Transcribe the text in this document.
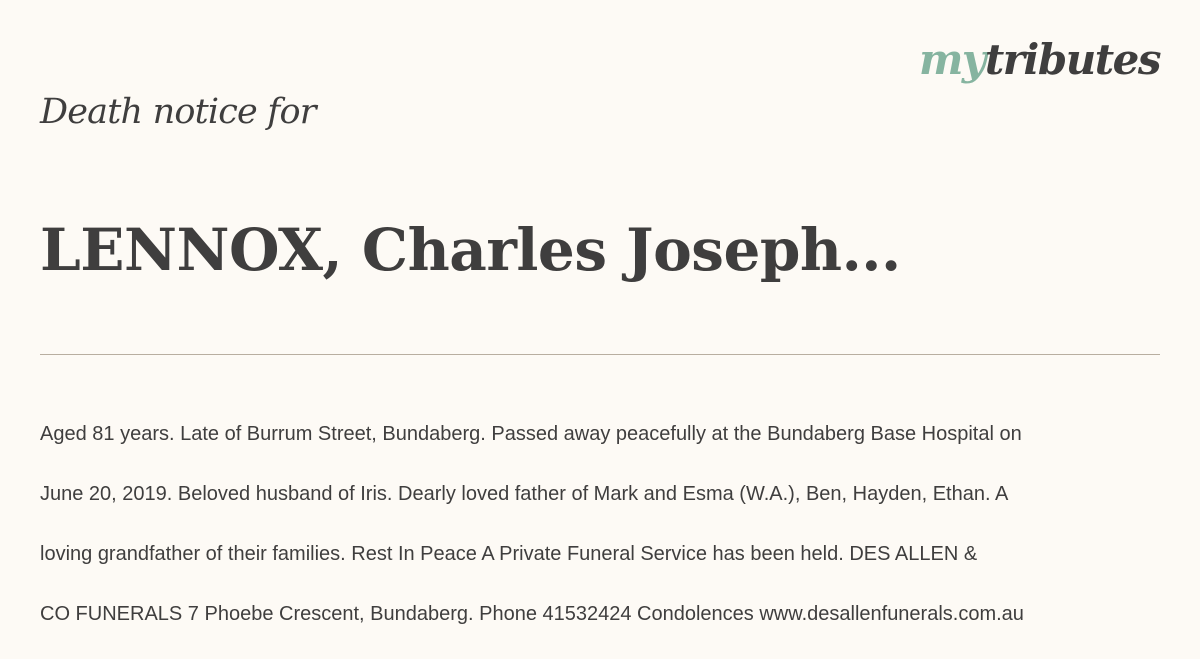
mytributes
Death notice for
LENNOX, Charles Joseph...

Aged 81 years. Late of Burrum Street, Bundaberg. Passed away peacefully at the Bundaberg Base Hospital on

June 20, 2019. Beloved husband of Iris. Dearly loved father of Mark and Esma (W.A.), Ben, Hayden, Ethan. A

loving grandfather of their families. Rest In Peace A Private Funeral Service has been held. DES ALLEN &

CO FUNERALS 7 Phoebe Crescent, Bundaberg. Phone 41532424 Condolences www.desallenfunerals.com.au
